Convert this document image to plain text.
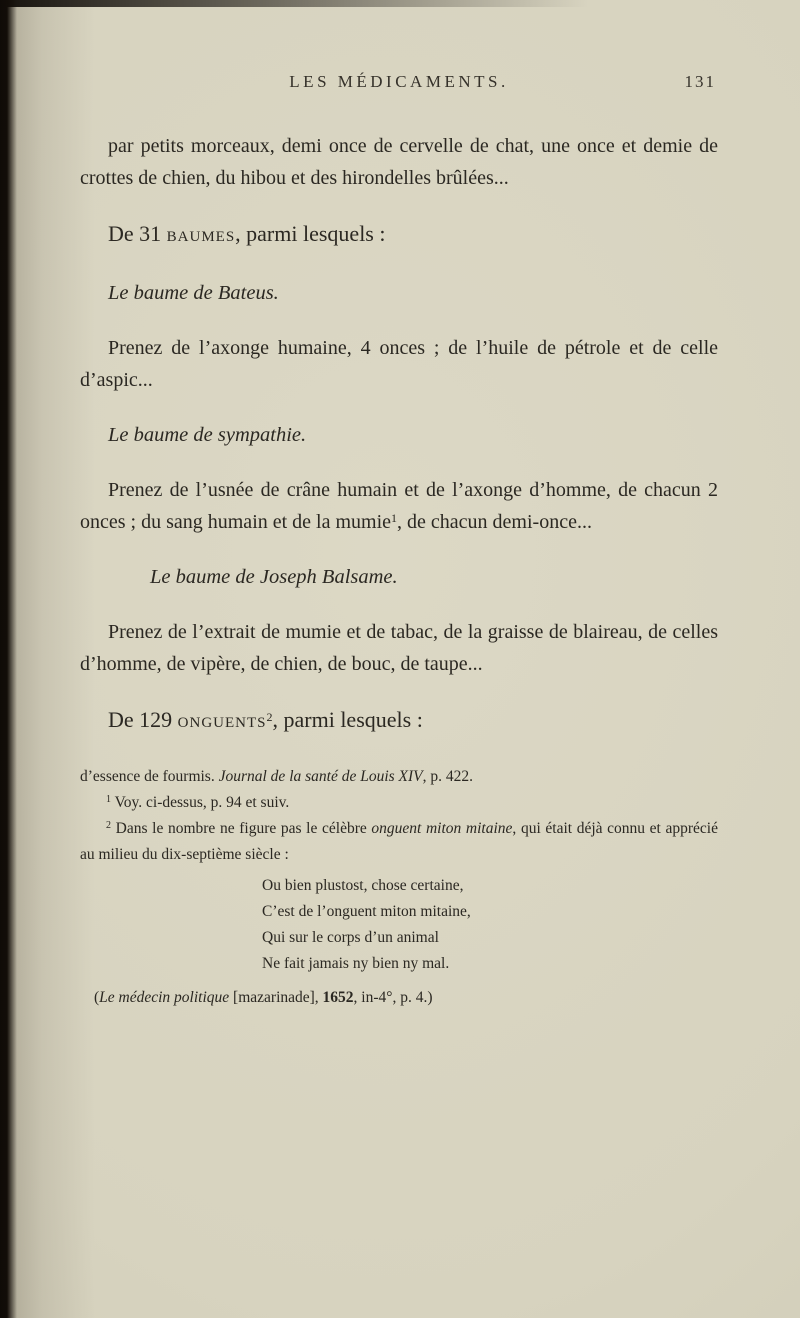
LES MÉDICAMENTS.	131

par petits morceaux, demi once de cervelle de chat, une once et demie de crottes de chien, du hibou et des hirondelles brûlées...

De 31 baumes, parmi lesquels :

Le baume de Bateus.

Prenez de l’axonge humaine, 4 onces ; de l’huile de pétrole et de celle d’aspic...

Le baume de sympathie.

Prenez de l’usnée de crâne humain et de l’axonge d’homme, de chacun 2 onces ; du sang humain et de la mumie$^1$, de chacun demi-once...

Le baume de Joseph Balsame.

Prenez de l’extrait de mumie et de tabac, de la graisse de blaireau, de celles d’homme, de vipère, de chien, de bouc, de taupe...

De 129 onguents$^2$, parmi lesquels :

d’essence de fourmis. Journal de la santé de Louis XIV, p. 422.

$^1$ Voy. ci-dessus, p. 94 et suiv.

$^2$ Dans le nombre ne figure pas le célèbre onguent miton mitaine, qui était déjà connu et apprécié au milieu du dix-septième siècle :

Ou bien plustost, chose certaine,
C’est de l’onguent miton mitaine,
Qui sur le corps d’un animal
Ne fait jamais ny bien ny mal.

(Le médecin politique [mazarinade], 1652, in-4°, p. 4.)
